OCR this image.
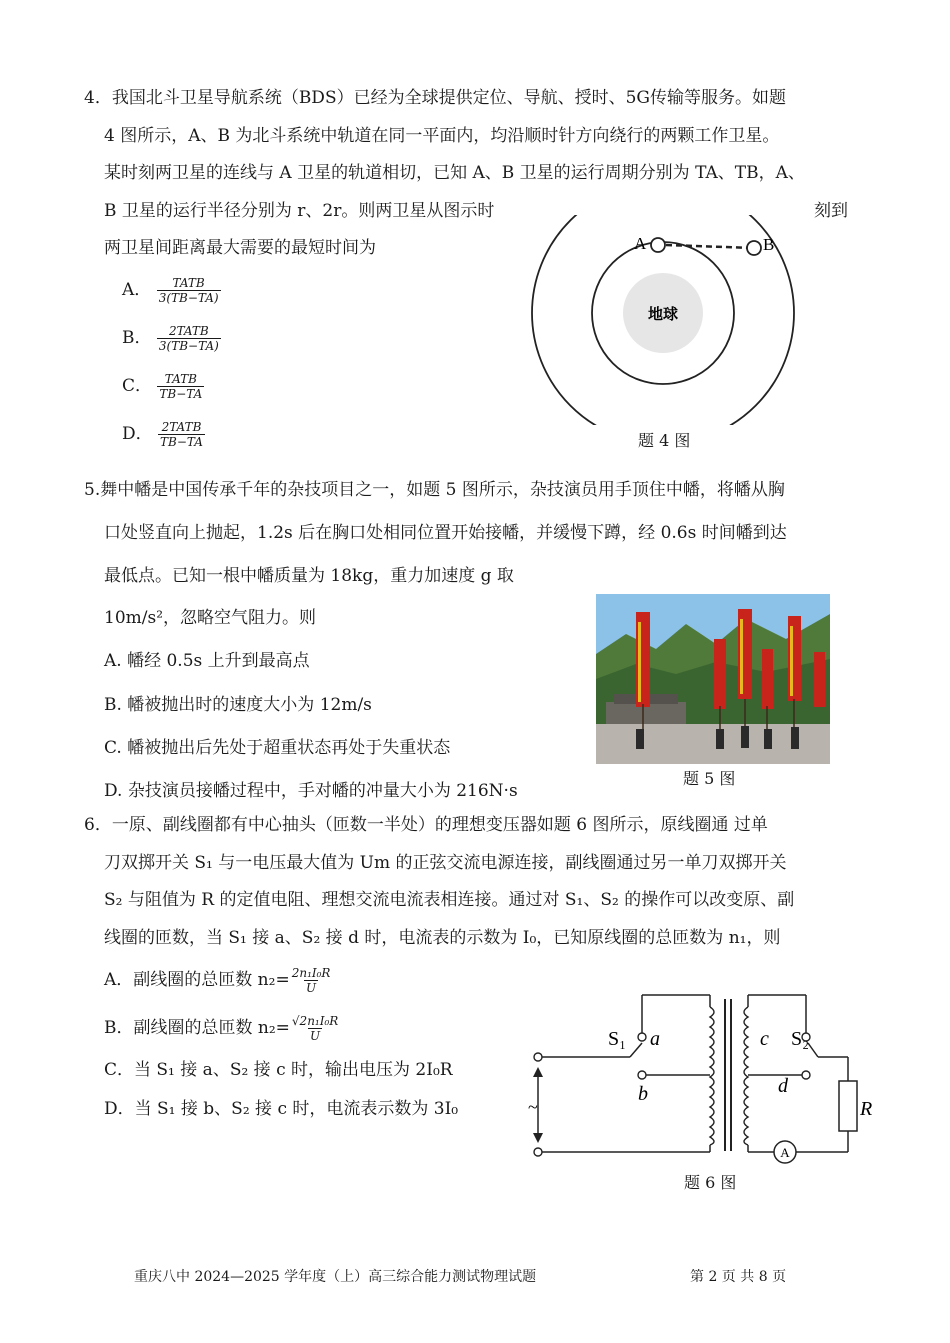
4．我国北斗卫星导航系统（BDS）已经为全球提供定位、导航、授时、5G传输等服务。如题
4 图所示，A、B 为北斗系统中轨道在同一平面内，均沿顺时针方向绕行的两颗工作卫星。
某时刻两卫星的连线与 A 卫星的轨道相切，已知 A、B 卫星的运行周期分别为 TA、TB，A、
B 卫星的运行半径分别为 r、2r。则两卫星从图示时	刻到
两卫星间距离最大需要的最短时间为
A． $\frac{\text{TATB}}{3(TB-TA)}$
B． $\frac{\text{2TATB}}{3(TB-TA)}$
C． $\frac{\text{TATB}}{TB-TA}$
D． $\frac{\text{2TATB}}{TB-TA}$
地球
A	B
题 4 图
5.舞中幡是中国传承千年的杂技项目之一，如题 5 图所示，杂技演员用手顶住中幡，将幡从胸
口处竖直向上抛起，1.2s 后在胸口处相同位置开始接幡，并缓慢下蹲，经 0.6s 时间幡到达
最低点。已知一根中幡质量为 18kg，重力加速度 g 取
10m/s²，忽略空气阻力。则
A. 幡经 0.5s 上升到最高点
B. 幡被抛出时的速度大小为 12m/s
C. 幡被抛出后先处于超重状态再处于失重状态
D. 杂技演员接幡过程中，手对幡的冲量大小为 216N·s
题 5 图
6．一原、副线圈都有中心抽头（匝数一半处）的理想变压器如题 6 图所示，原线圈通 过单
刀双掷开关 S₁ 与一电压最大值为 Um 的正弦交流电源连接，副线圈通过另一单刀双掷开关
S₂ 与阻值为 R 的定值电阻、理想交流电流表相连接。通过对 S₁、S₂ 的操作可以改变原、副
线圈的匝数，当 S₁ 接 a、S₂ 接 d 时，电流表的示数为 I₀，已知原线圈的总匝数为 n₁，则
A．副线圈的总匝数 $n_2= \frac{\text{2n₁I₀R}}{U}$
B．副线圈的总匝数 $n_2= \frac{\text{√2n₁I₀R}}{U}$
C．当 S₁ 接 a、S₂ 接 c 时，输出电压为 2I₀R
D．当 S₁ 接 b、S₂ 接 c 时，电流表示数为 3I₀
A
S₁	S₂
a
b
c
d
R
~
题 6 图
重庆八中 2024—2025 学年度（上）高三综合能力测试物理试题	第 2 页 共 8 页
